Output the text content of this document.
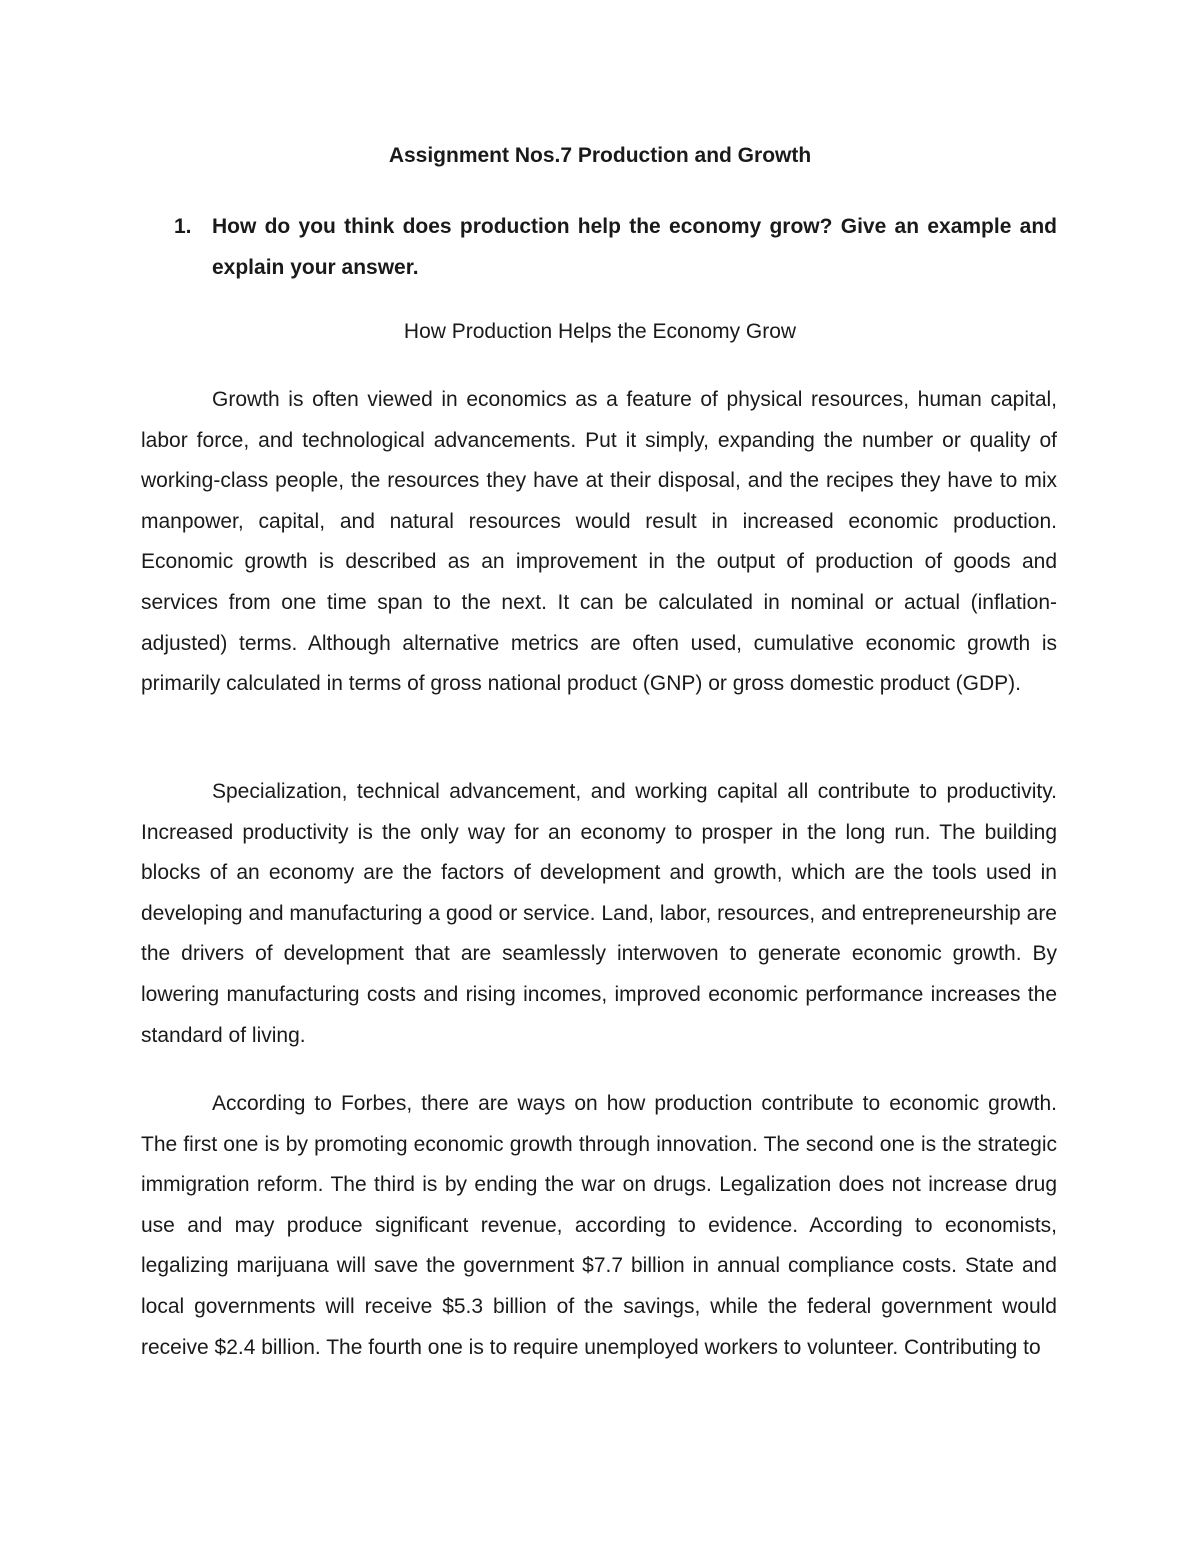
Assignment Nos.7 Production and Growth
1. How do you think does production help the economy grow? Give an example and explain your answer.
How Production Helps the Economy Grow

Growth is often viewed in economics as a feature of physical resources, human capital, labor force, and technological advancements. Put it simply, expanding the number or quality of working-class people, the resources they have at their disposal, and the recipes they have to mix manpower, capital, and natural resources would result in increased economic production. Economic growth is described as an improvement in the output of production of goods and services from one time span to the next. It can be calculated in nominal or actual (inflation-adjusted) terms. Although alternative metrics are often used, cumulative economic growth is primarily calculated in terms of gross national product (GNP) or gross domestic product (GDP).

Specialization, technical advancement, and working capital all contribute to productivity. Increased productivity is the only way for an economy to prosper in the long run. The building blocks of an economy are the factors of development and growth, which are the tools used in developing and manufacturing a good or service. Land, labor, resources, and entrepreneurship are the drivers of development that are seamlessly interwoven to generate economic growth. By lowering manufacturing costs and rising incomes, improved economic performance increases the standard of living.

According to Forbes, there are ways on how production contribute to economic growth. The first one is by promoting economic growth through innovation. The second one is the strategic immigration reform. The third is by ending the war on drugs. Legalization does not increase drug use and may produce significant revenue, according to evidence. According to economists, legalizing marijuana will save the government $7.7 billion in annual compliance costs. State and local governments will receive $5.3 billion of the savings, while the federal government would receive $2.4 billion. The fourth one is to require unemployed workers to volunteer. Contributing to
